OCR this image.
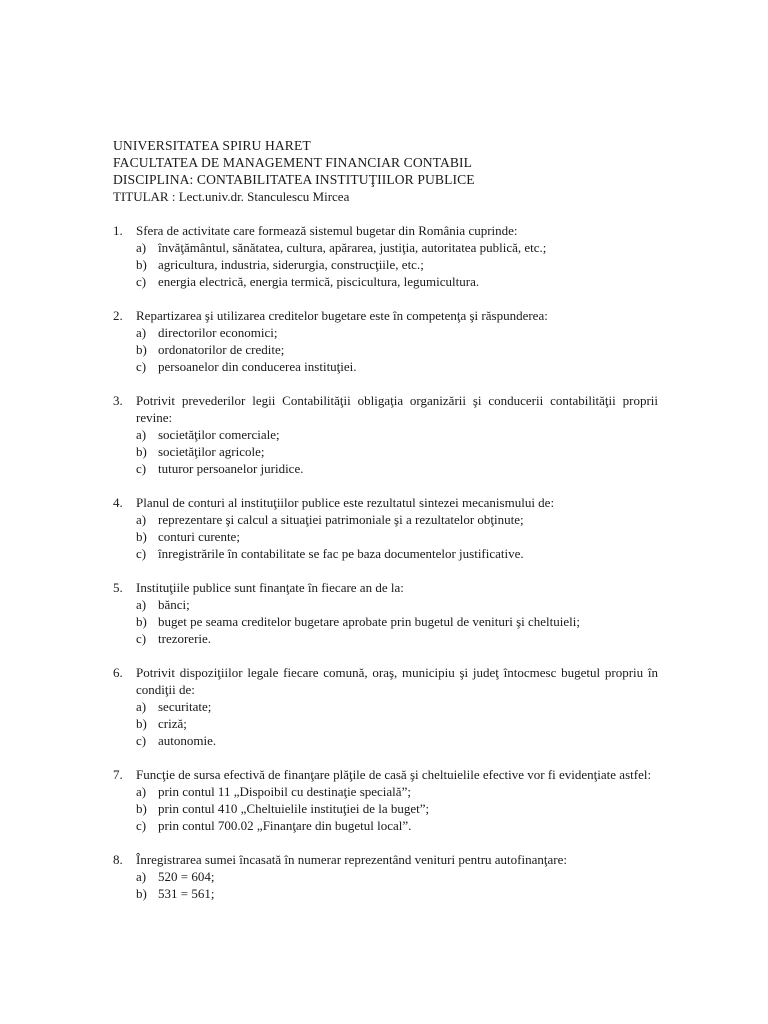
UNIVERSITATEA SPIRU HARET
FACULTATEA DE MANAGEMENT FINANCIAR CONTABIL
DISCIPLINA: CONTABILITATEA INSTITUŢIILOR PUBLICE
TITULAR : Lect.univ.dr. Stanculescu Mircea
1.	Sfera de activitate care formează sistemul bugetar din România cuprinde:
a) învăţământul, sănătatea, cultura, apărarea, justiţia, autoritatea publică, etc.;
b) agricultura, industria, siderurgia, construcţiile, etc.;
c) energia electrică, energia termică, piscicultura, legumicultura.
2.	Repartizarea şi utilizarea creditelor bugetare este în competenţa şi răspunderea:
a) directorilor economici;
b) ordonatorilor de credite;
c) persoanelor din conducerea instituţiei.
3.	Potrivit prevederilor legii Contabilităţii obligaţia organizării şi conducerii contabilităţii proprii revine:
a) societăţilor comerciale;
b) societăţilor agricole;
c) tuturor persoanelor juridice.
4.	Planul de conturi al instituţiilor publice este rezultatul sintezei mecanismului de:
a) reprezentare şi calcul a situaţiei patrimoniale şi a rezultatelor obţinute;
b) conturi curente;
c) înregistrările în contabilitate se fac pe baza documentelor justificative.
5.	Instituţiile publice sunt finanţate în fiecare an de la:
a) bănci;
b) buget pe seama creditelor bugetare aprobate prin bugetul de venituri şi cheltuieli;
c) trezorerie.
6.	Potrivit dispoziţiilor legale fiecare comună, oraş, municipiu şi judeţ întocmesc bugetul propriu în condiţii de:
a) securitate;
b) criză;
c) autonomie.
7.	Funcţie de sursa efectivă de finanţare plăţile de casă şi cheltuielile efective vor fi evidenţiate astfel:
a) prin contul 11 „Dispoibil cu destinaţie specială”;
b) prin contul 410 „Cheltuielile instituţiei de la buget”;
c) prin contul 700.02 „Finanţare din bugetul local”.
8.	Înregistrarea sumei încasată în numerar reprezentând venituri pentru autofinanţare:
a) 520 = 604;
b) 531 = 561;
